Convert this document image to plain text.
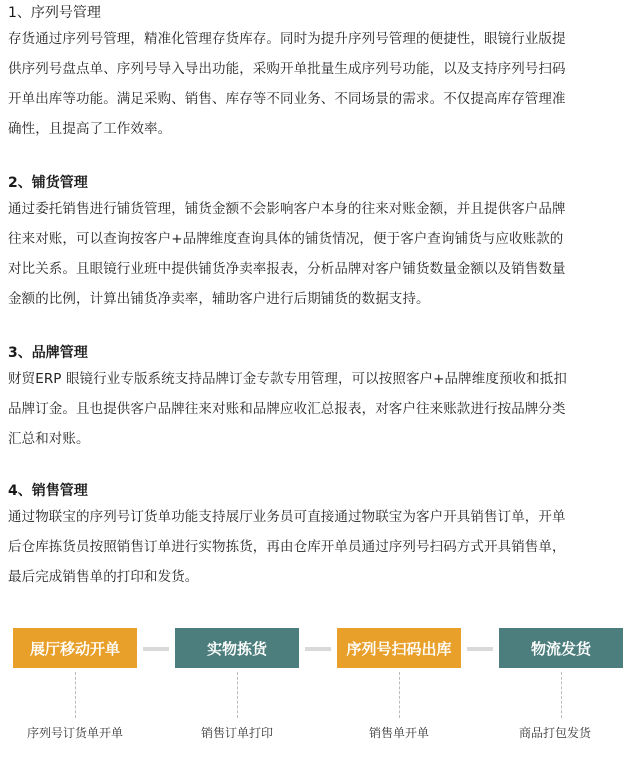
1、序列号管理
存货通过序列号管理，精准化管理存货库存。同时为提升序列号管理的便捷性，眼镜行业版提
供序列号盘点单、序列号导入导出功能，采购开单批量生成序列号功能，以及支持序列号扫码
开单出库等功能。满足采购、销售、库存等不同业务、不同场景的需求。不仅提高库存管理准
确性，且提高了工作效率。
2、铺货管理
通过委托销售进行铺货管理，铺货金额不会影响客户本身的往来对账金额，并且提供客户品牌
往来对账，可以查询按客户+品牌维度查询具体的铺货情况，便于客户查询铺货与应收账款的
对比关系。且眼镜行业班中提供铺货净卖率报表，分析品牌对客户铺货数量金额以及销售数量
金额的比例，计算出铺货净卖率，辅助客户进行后期铺货的数据支持。
3、品牌管理
财贸ERP 眼镜行业专版系统支持品牌订金专款专用管理，可以按照客户+品牌维度预收和抵扣
品牌订金。且也提供客户品牌往来对账和品牌应收汇总报表，对客户往来账款进行按品牌分类
汇总和对账。
4、销售管理
通过物联宝的序列号订货单功能支持展厅业务员可直接通过物联宝为客户开具销售订单，开单
后仓库拣货员按照销售订单进行实物拣货，再由仓库开单员通过序列号扫码方式开具销售单，
最后完成销售单的打印和发货。
展厅移动开单	实物拣货	序列号扫码出库	物流发货
序列号订货单开单	销售订单打印	销售单开单	商品打包发货
